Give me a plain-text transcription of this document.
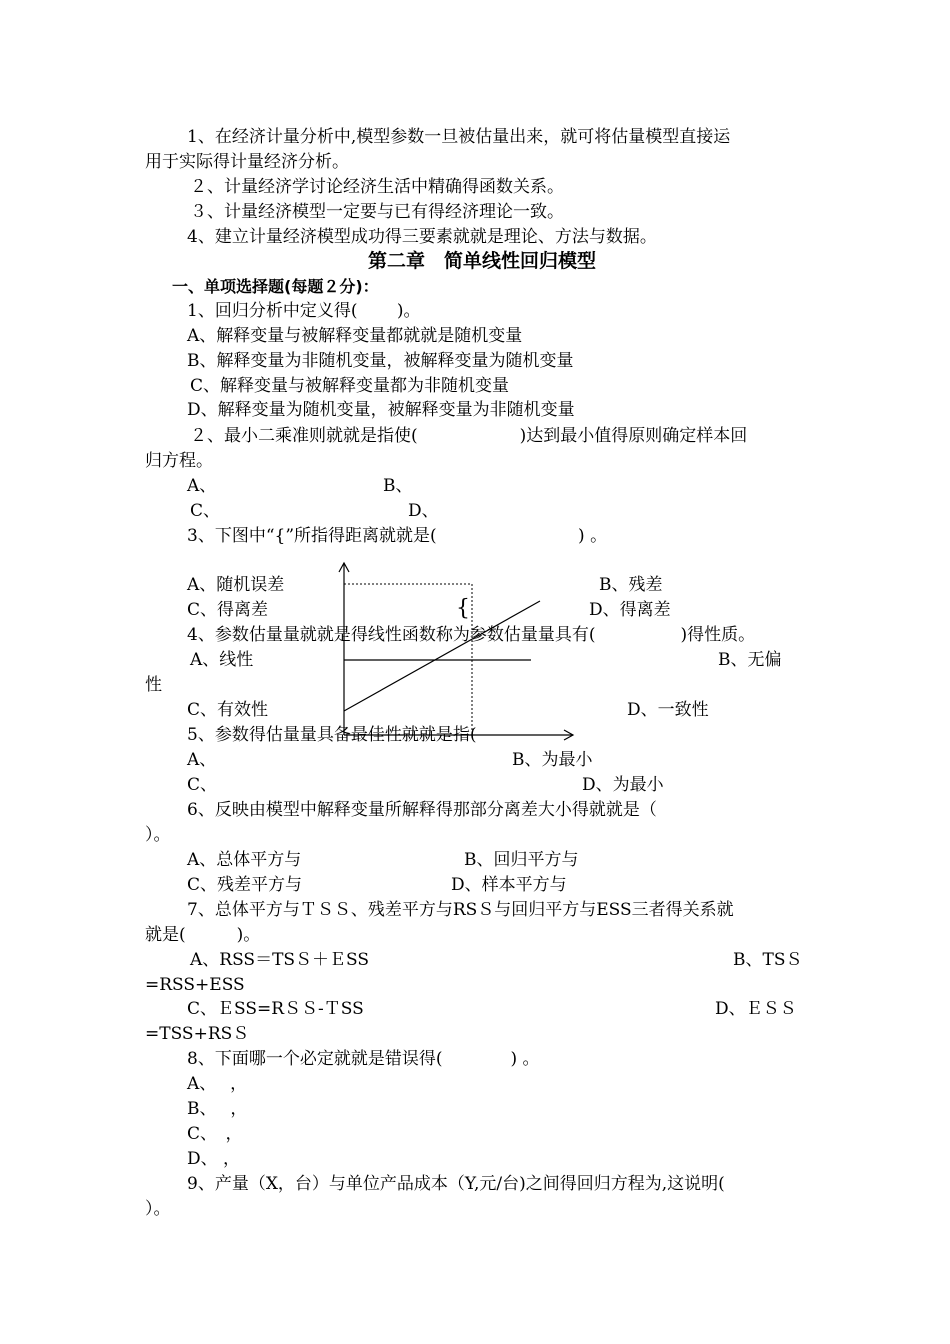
1、在经济计量分析中,模型参数一旦被估量出来，就可将估量模型直接运
用于实际得计量经济分析。
２、计量经济学讨论经济生活中精确得函数关系。
３、计量经济模型一定要与已有得经济理论一致。
4、建立计量经济模型成功得三要素就就是理论、方法与数据。
第二章　简单线性回归模型
一、单项选择题(每题２分)：
1、回归分析中定义得(　　 )。
A、解释变量与被解释变量都就就是随机变量
B、解释变量为非随机变量，被解释变量为随机变量
C、解释变量与被解释变量都为非随机变量
D、解释变量为随机变量，被解释变量为非随机变量
２、最小二乘准则就就是指使(　　　　　　)达到最小值得原则确定样本回
归方程。
A、	B、
C、	D、
3、下图中“{”所指得距离就就是(　　　　　　　　 ) 。
A、随机误差	B、残差
C、得离差	D、得离差
4、参数估量量就就是得线性函数称为参数估量量具有(　　　　　)得性质。
A、线性	B、无偏
性
C、有效性	D、一致性
5、参数得估量量具备最佳性就就是指(
A、	B、为最小
C、	D、为最小
6、反映由模型中解释变量所解释得那部分离差大小得就就是（
）。
A、总体平方与	B、回归平方与
C、残差平方与	D、样本平方与
7、总体平方与ＴＳＳ、残差平方与RSＳ与回归平方与ESS三者得关系就
就是(　　　)。
A、RSS＝TSＳ＋ＥSS	B、TSＳ
=RSS+ESS
C、ＥSS=RＳＳ-ＴSS	D、ＥＳＳ
=TSS+RSＳ
8、下面哪一个必定就就是错误得(　　　　) 。
A、　 ，
B、　 ，
C、　，
D、 ，
9、产量（X，台）与单位产品成本（Y,元/台)之间得回归方程为,这说明(
）。
{
